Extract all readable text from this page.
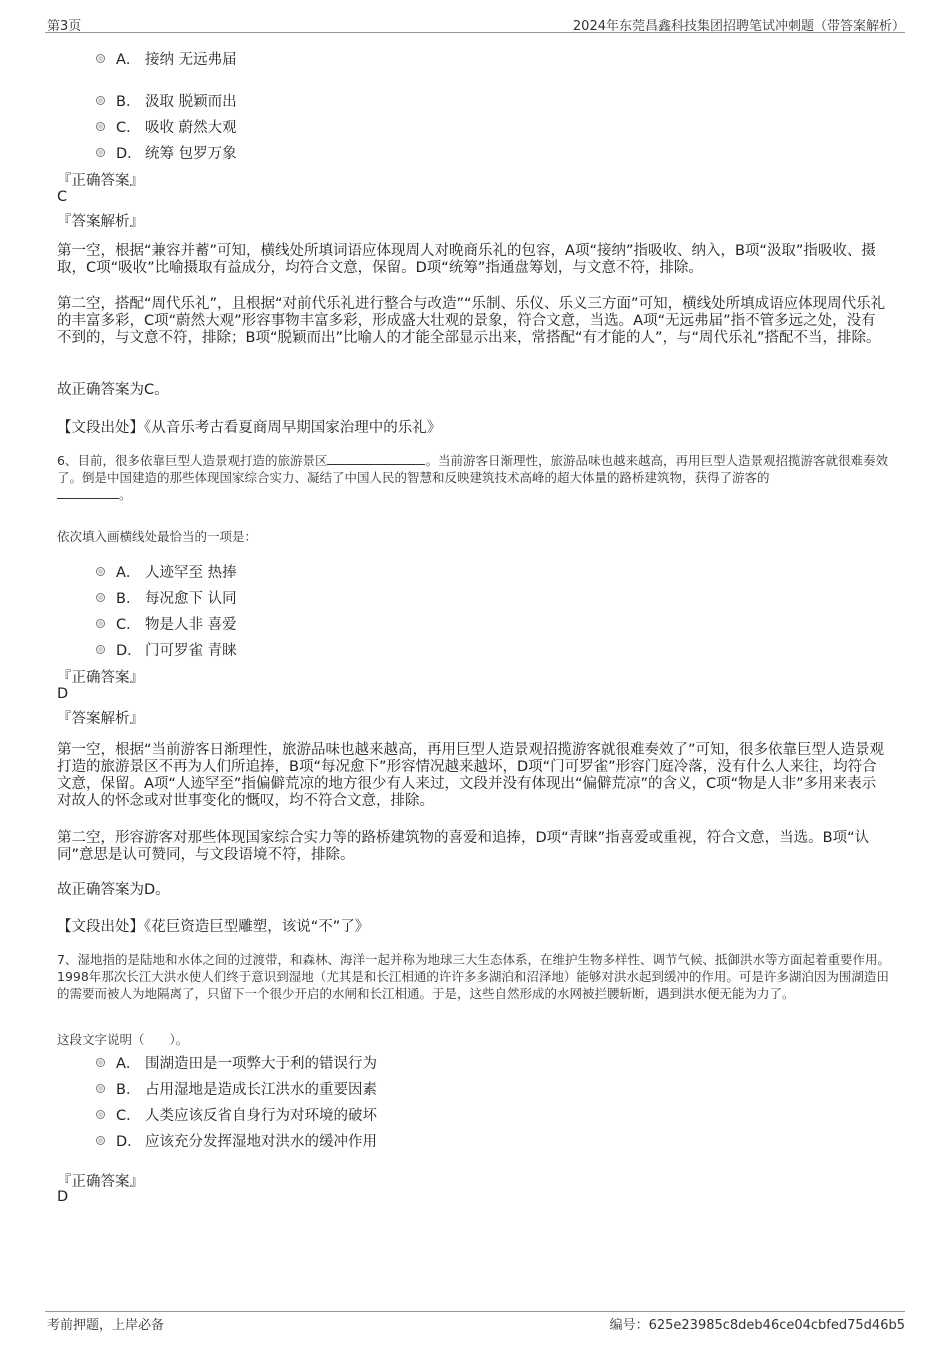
第3页	2024年东莞昌鑫科技集团招聘笔试冲刺题（带答案解析）
A． 接纳 无远弗届
B． 汲取 脱颖而出
C． 吸收 蔚然大观
D． 统筹 包罗万象
『正确答案』
C
『答案解析』
第一空，根据“兼容并蓄”可知，横线处所填词语应体现周人对晚商乐礼的包容，A项“接纳”指吸收、纳入，B项“汲取”指吸收、摄取，C项“吸收”比喻摄取有益成分，均符合文意，保留。D项“统筹”指通盘筹划，与文意不符，排除。
第二空，搭配“周代乐礼”，且根据“对前代乐礼进行整合与改造”“乐制、乐仪、乐义三方面”可知，横线处所填成语应体现周代乐礼的丰富多彩，C项“蔚然大观”形容事物丰富多彩，形成盛大壮观的景象，符合文意，当选。A项“无远弗届”指不管多远之处，没有不到的，与文意不符，排除；B项“脱颖而出”比喻人的才能全部显示出来，常搭配“有才能的人”，与“周代乐礼”搭配不当，排除。
故正确答案为C。
【文段出处】《从音乐考古看夏商周早期国家治理中的乐礼》
6、目前，很多依靠巨型人造景观打造的旅游景区	。当前游客日渐理性，旅游品味也越来越高，再用巨型人造景观招揽游客就很难奏效了。倒是中国建造的那些体现国家综合实力、凝结了中国人民的智慧和反映建筑技术高峰的超大体量的路桥建筑物，获得了游客的
。
依次填入画横线处最恰当的一项是：
A． 人迹罕至 热捧
B． 每况愈下 认同
C． 物是人非 喜爱
D． 门可罗雀 青睐
『正确答案』
D
『答案解析』
第一空，根据“当前游客日渐理性，旅游品味也越来越高，再用巨型人造景观招揽游客就很难奏效了”可知，很多依靠巨型人造景观打造的旅游景区不再为人们所追捧，B项“每况愈下”形容情况越来越坏，D项“门可罗雀”形容门庭冷落，没有什么人来往，均符合文意，保留。A项“人迹罕至”指偏僻荒凉的地方很少有人来过，文段并没有体现出“偏僻荒凉”的含义，C项“物是人非”多用来表示对故人的怀念或对世事变化的慨叹，均不符合文意，排除。
第二空，形容游客对那些体现国家综合实力等的路桥建筑物的喜爱和追捧，D项“青睐”指喜爱或重视，符合文意，当选。B项“认同”意思是认可赞同，与文段语境不符，排除。
故正确答案为D。
【文段出处】《花巨资造巨型雕塑，该说“不”了》
7、湿地指的是陆地和水体之间的过渡带，和森林、海洋一起并称为地球三大生态体系，在维护生物多样性、调节气候、抵御洪水等方面起着重要作用。1998年那次长江大洪水使人们终于意识到湿地（尤其是和长江相通的许许多多湖泊和沼泽地）能够对洪水起到缓冲的作用。可是许多湖泊因为围湖造田的需要而被人为地隔离了，只留下一个很少开启的水闸和长江相通。于是，这些自然形成的水网被拦腰斩断，遇到洪水便无能为力了。
这段文字说明（　　）。
A． 围湖造田是一项弊大于利的错误行为
B． 占用湿地是造成长江洪水的重要因素
C． 人类应该反省自身行为对环境的破坏
D． 应该充分发挥湿地对洪水的缓冲作用
『正确答案』
D
考前押题，上岸必备	编号：625e23985c8deb46ce04cbfed75d46b5
